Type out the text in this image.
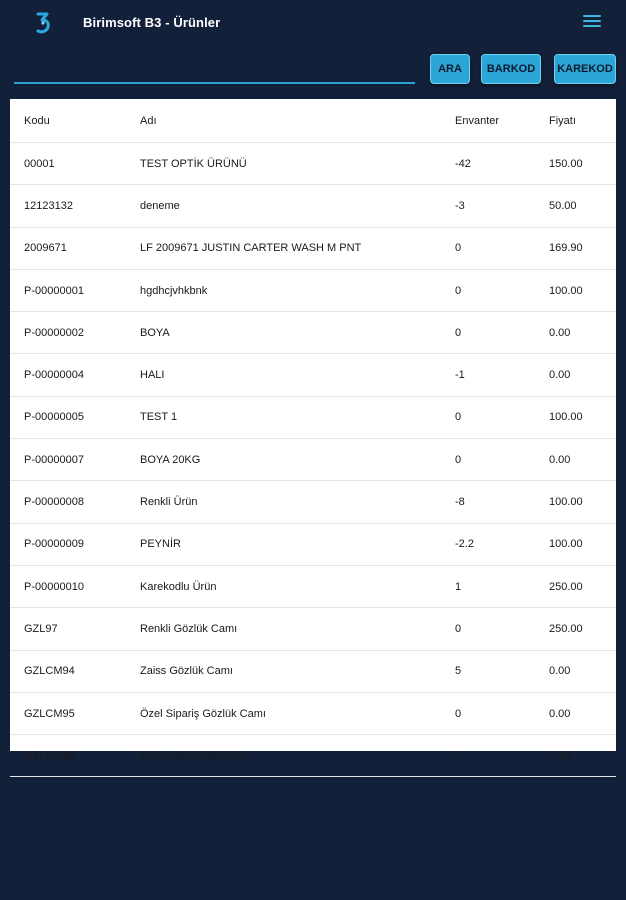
Birimsoft B3 - Ürünler
ARA	BARKOD	KAREKOD
Kodu	Adı	Envanter	Fiyatı
00001	TEST OPTİK ÜRÜNÜ	-42	150.00
12123132	deneme	-3	50.00
2009671	LF 2009671 JUSTIN CARTER WASH M PNT	0	169.90
P-00000001	hgdhcjvhkbnk	0	100.00
P-00000002	BOYA	0	0.00
P-00000004	HALI	-1	0.00
P-00000005	TEST 1	0	100.00
P-00000007	BOYA 20KG	0	0.00
P-00000008	Renkli Ürün	-8	100.00
P-00000009	PEYNİR	-2.2	100.00
P-00000010	Karekodlu Ürün	1	250.00
GZL97	Renkli Gözlük Camı	0	250.00
GZLCM94	Zaiss Gözlük Camı	5	0.00
GZLCM95	Özel Sipariş Gözlük Camı	0	0.00
GZLCM96	Numaralı Gözlük Camı	0	0.00
